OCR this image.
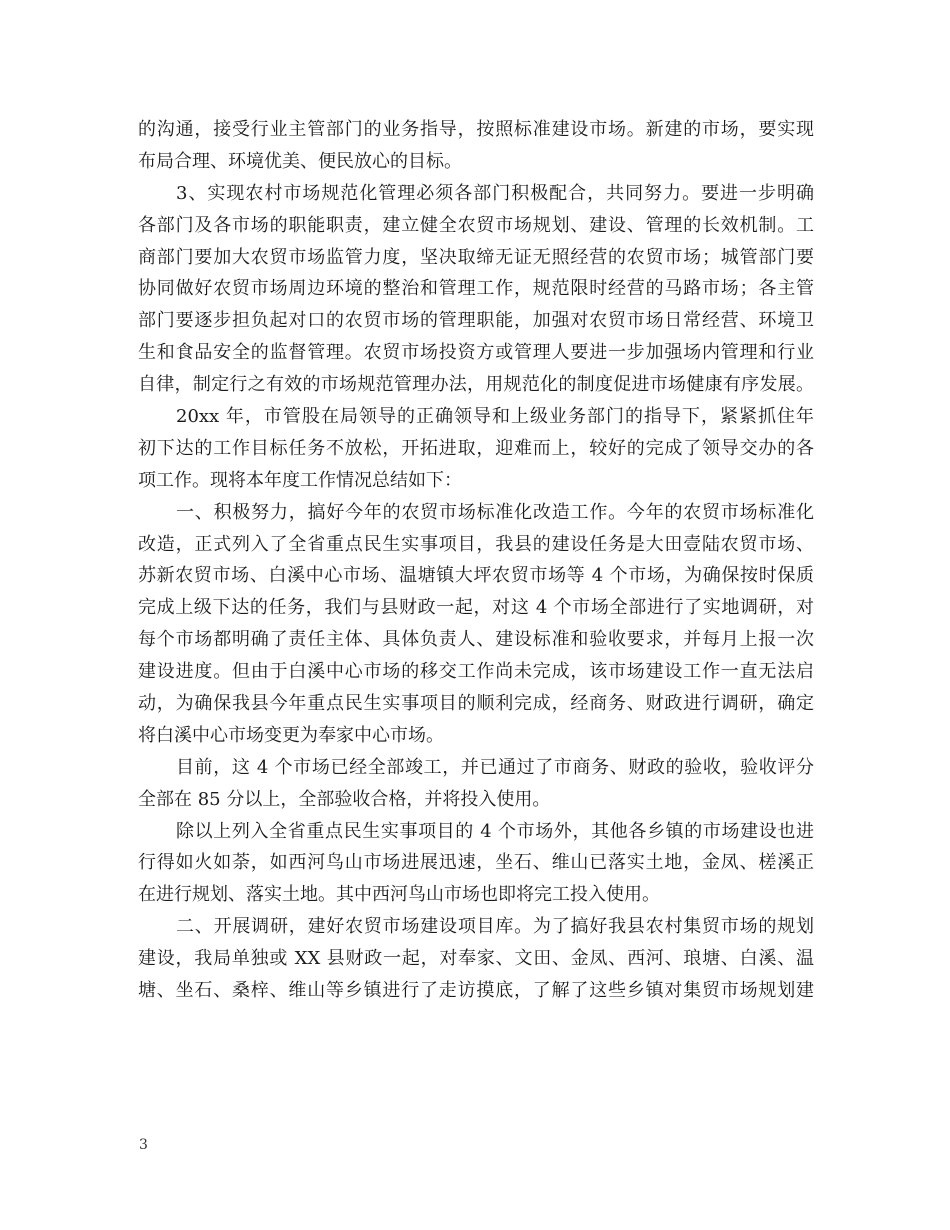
的沟通，接受行业主管部门的业务指导，按照标准建设市场。新建的市场，要实现
布局合理、环境优美、便民放心的目标。
3、实现农村市场规范化管理必须各部门积极配合，共同努力。要进一步明确
各部门及各市场的职能职责，建立健全农贸市场规划、建设、管理的长效机制。工
商部门要加大农贸市场监管力度，坚决取缔无证无照经营的农贸市场；城管部门要
协同做好农贸市场周边环境的整治和管理工作，规范限时经营的马路市场；各主管
部门要逐步担负起对口的农贸市场的管理职能，加强对农贸市场日常经营、环境卫
生和食品安全的监督管理。农贸市场投资方或管理人要进一步加强场内管理和行业
自律，制定行之有效的市场规范管理办法，用规范化的制度促进市场健康有序发展。
20xx 年，市管股在局领导的正确领导和上级业务部门的指导下，紧紧抓住年
初下达的工作目标任务不放松，开拓进取，迎难而上，较好的完成了领导交办的各
项工作。现将本年度工作情况总结如下：
一、积极努力，搞好今年的农贸市场标准化改造工作。今年的农贸市场标准化
改造，正式列入了全省重点民生实事项目，我县的建设任务是大田壹陆农贸市场、
苏新农贸市场、白溪中心市场、温塘镇大坪农贸市场等 4 个市场，为确保按时保质
完成上级下达的任务，我们与县财政一起，对这 4 个市场全部进行了实地调研，对
每个市场都明确了责任主体、具体负责人、建设标准和验收要求，并每月上报一次
建设进度。但由于白溪中心市场的移交工作尚未完成，该市场建设工作一直无法启
动，为确保我县今年重点民生实事项目的顺利完成，经商务、财政进行调研，确定
将白溪中心市场变更为奉家中心市场。
目前，这 4 个市场已经全部竣工，并已通过了市商务、财政的验收，验收评分
全部在 85 分以上，全部验收合格，并将投入使用。
除以上列入全省重点民生实事项目的 4 个市场外，其他各乡镇的市场建设也进
行得如火如荼，如西河鸟山市场进展迅速，坐石、维山已落实土地，金凤、槎溪正
在进行规划、落实土地。其中西河鸟山市场也即将完工投入使用。
二、开展调研，建好农贸市场建设项目库。为了搞好我县农村集贸市场的规划
建设，我局单独或 XX 县财政一起，对奉家、文田、金凤、西河、琅塘、白溪、温
塘、坐石、桑梓、维山等乡镇进行了走访摸底，了解了这些乡镇对集贸市场规划建
3
